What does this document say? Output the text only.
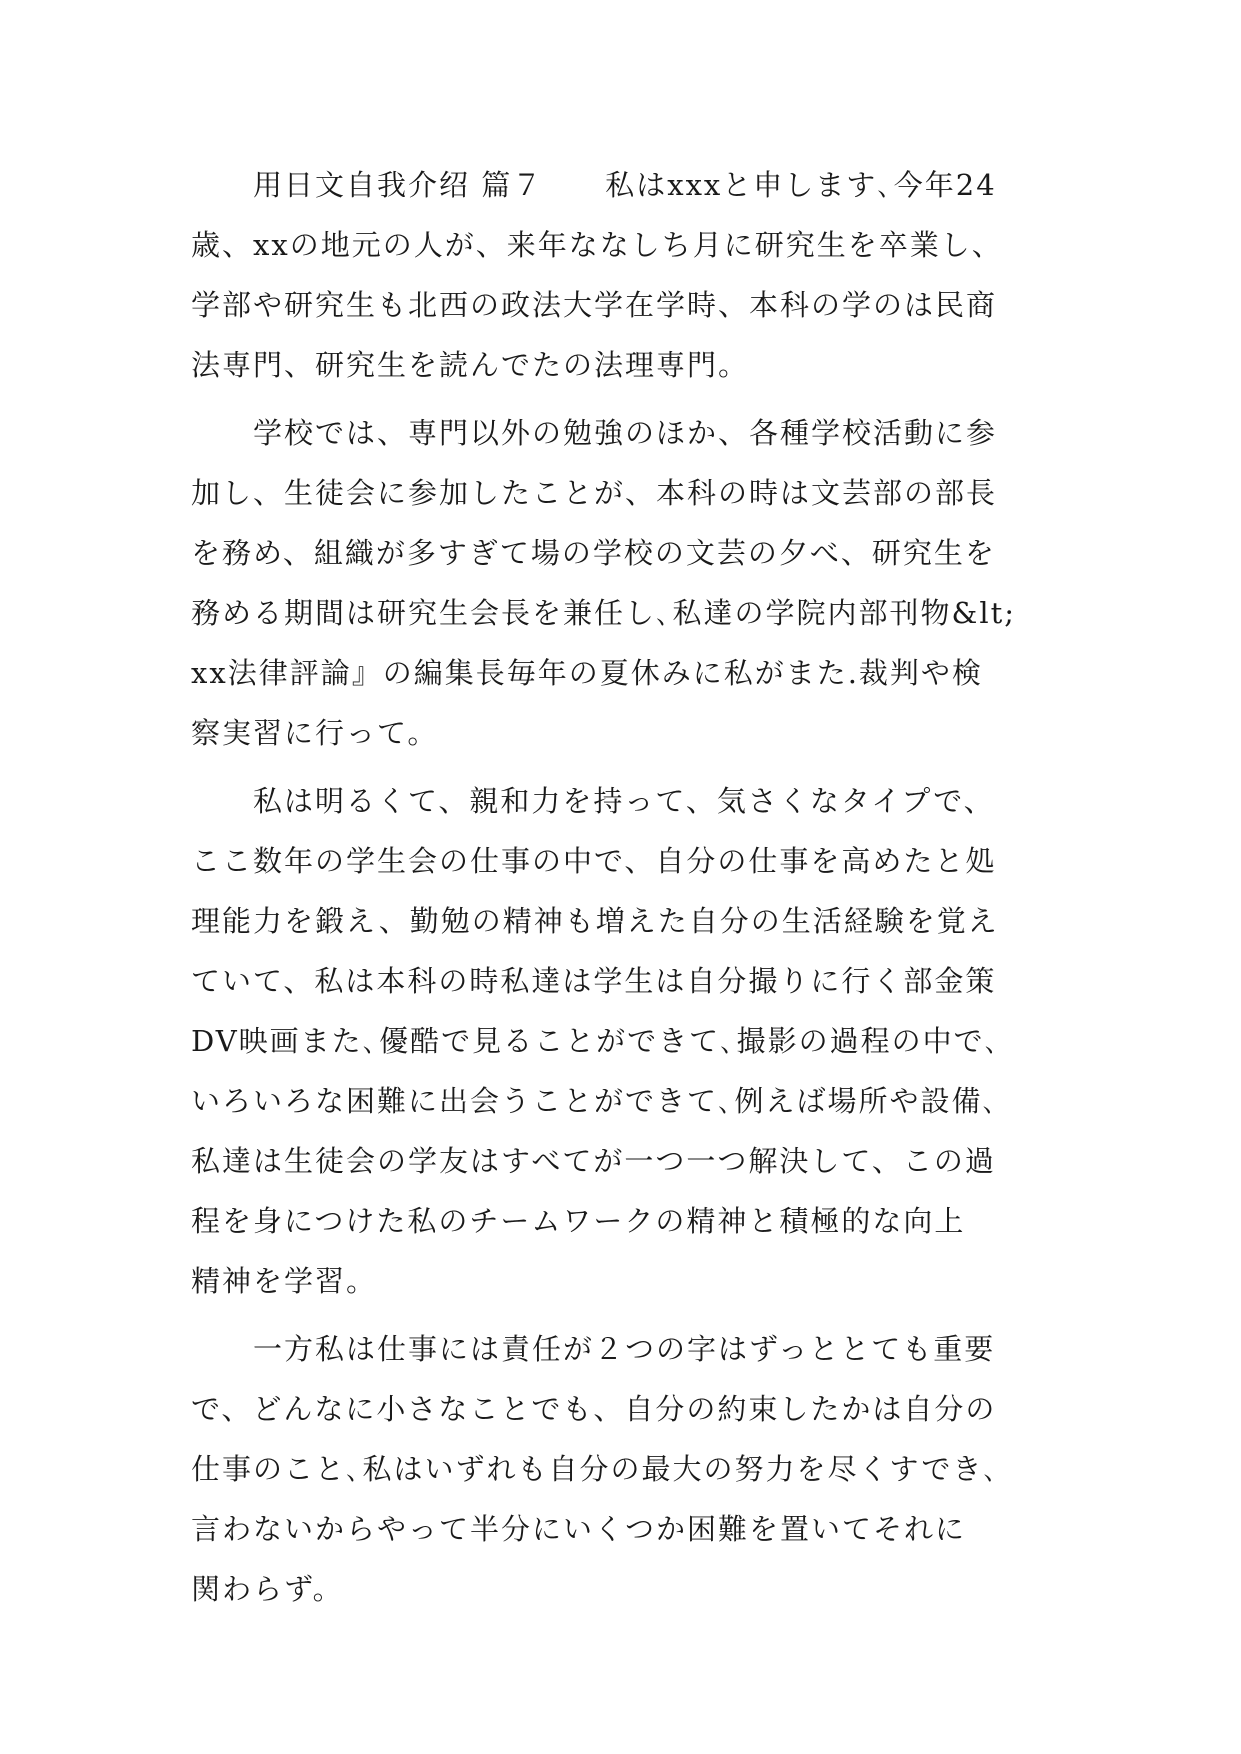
　　用日文自我介绍 篇７　　私はxxxと申します､今年24
歳、xxの地元の人が、来年ななしち月に研究生を卒業し、
学部や研究生も北西の政法大学在学時、本科の学のは民商
法専門、研究生を読んでたの法理専門。
　　学校では、専門以外の勉強のほか、各種学校活動に参
加し、生徒会に参加したことが、本科の時は文芸部の部長
を務め、組織が多すぎて場の学校の文芸の夕べ、研究生を
務める期間は研究生会長を兼任し､私達の学院内部刊物&lt;
xx法律評論』の編集長毎年の夏休みに私がまた.裁判や検
察実習に行って。
　　私は明るくて、親和力を持って、気さくなタイプで、
ここ数年の学生会の仕事の中で、自分の仕事を高めたと処
理能力を鍛え、勤勉の精神も増えた自分の生活経験を覚え
ていて、私は本科の時私達は学生は自分撮りに行く部金策
DV映画また､優酷で見ることができて､撮影の過程の中で､
いろいろな困難に出会うことができて､例えば場所や設備､
私達は生徒会の学友はすべてが一つ一つ解決して、この過
程を身につけた私のチームワークの精神と積極的な向上
精神を学習。
　　一方私は仕事には責任が２つの字はずっととても重要
で、どんなに小さなことでも、自分の約束したかは自分の
仕事のこと､私はいずれも自分の最大の努力を尽くすでき､
言わないからやって半分にいくつか困難を置いてそれに
関わらず。
